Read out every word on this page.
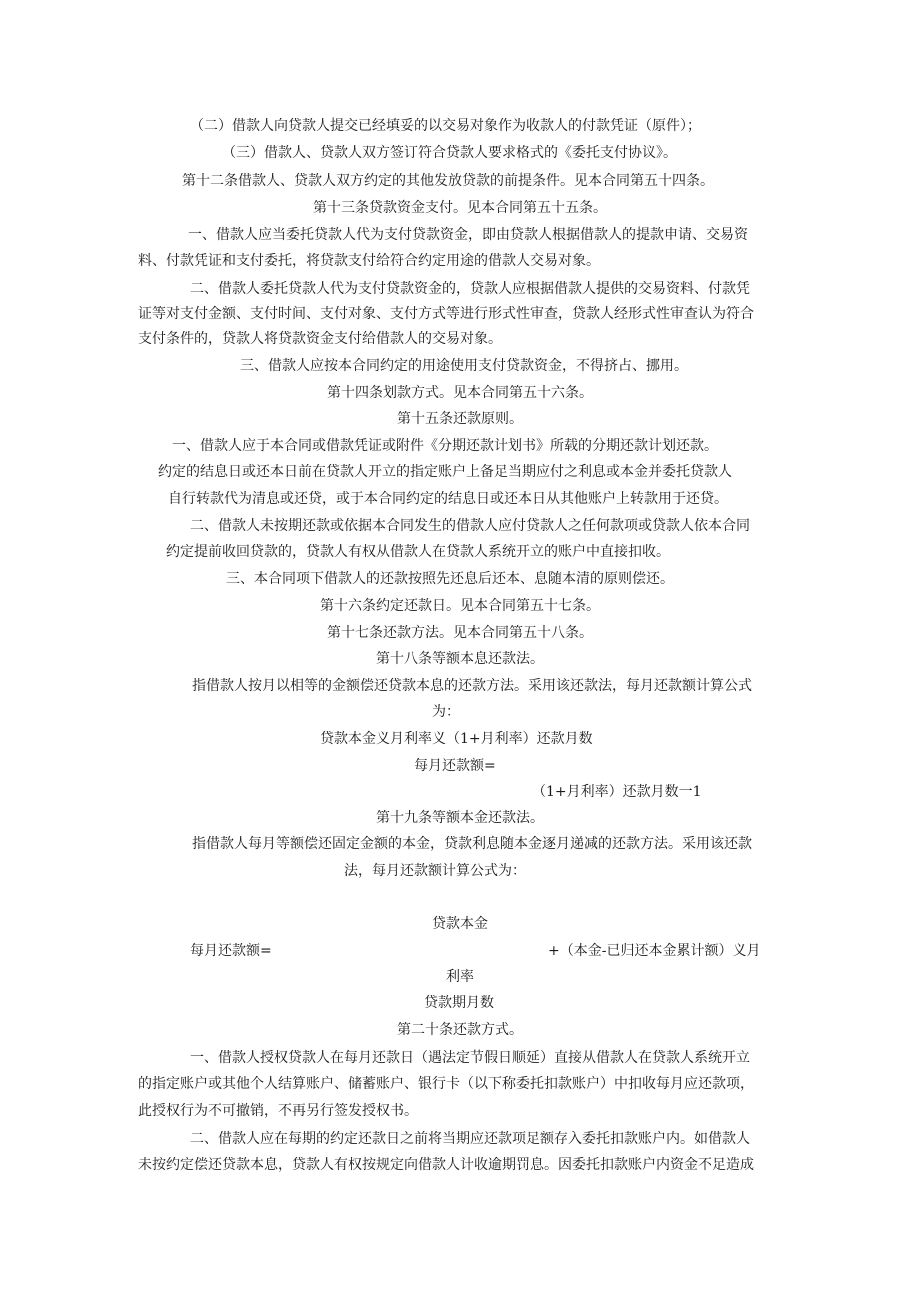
（二）借款人向贷款人提交已经填妥的以交易对象作为收款人的付款凭证（原件）；
（三）借款人、贷款人双方签订符合贷款人要求格式的《委托支付协议》。
第十二条借款人、贷款人双方约定的其他发放贷款的前提条件。见本合同第五十四条。
第十三条贷款资金支付。见本合同第五十五条。
一、借款人应当委托贷款人代为支付贷款资金，即由贷款人根据借款人的提款申请、交易资
料、付款凭证和支付委托，将贷款支付给符合约定用途的借款人交易对象。
二、借款人委托贷款人代为支付贷款资金的，贷款人应根据借款人提供的交易资料、付款凭
证等对支付金额、支付时间、支付对象、支付方式等进行形式性审查，贷款人经形式性审查认为符合
支付条件的，贷款人将贷款资金支付给借款人的交易对象。
三、借款人应按本合同约定的用途使用支付贷款资金，不得挤占、挪用。
第十四条划款方式。见本合同第五十六条。
第十五条还款原则。
一、借款人应于本合同或借款凭证或附件《分期还款计划书》所载的分期还款计划还款。
约定的结息日或还本日前在贷款人开立的指定账户上备足当期应付之利息或本金并委托贷款人
自行转款代为清息或还贷，或于本合同约定的结息日或还本日从其他账户上转款用于还贷。
二、借款人未按期还款或依据本合同发生的借款人应付贷款人之任何款项或贷款人依本合同
约定提前收回贷款的，贷款人有权从借款人在贷款人系统开立的账户中直接扣收。
三、本合同项下借款人的还款按照先还息后还本、息随本清的原则偿还。
第十六条约定还款日。见本合同第五十七条。
第十七条还款方法。见本合同第五十八条。
第十八条等额本息还款法。
指借款人按月以相等的金额偿还贷款本息的还款方法。采用该还款法，每月还款额计算公式
为：
贷款本金义月利率义（1+月利率）还款月数
每月还款额=
（1+月利率）还款月数一1
第十九条等额本金还款法。
指借款人每月等额偿还固定金额的本金，贷款利息随本金逐月递减的还款方法。采用该还款
法，每月还款额计算公式为：
贷款本金
每月还款额=	+（本金-已归还本金累计额）义月
利率
贷款期月数
第二十条还款方式。
一、借款人授权贷款人在每月还款日（遇法定节假日顺延）直接从借款人在贷款人系统开立
的指定账户或其他个人结算账户、储蓄账户、银行卡（以下称委托扣款账户）中扣收每月应还款项，
此授权行为不可撤销，不再另行签发授权书。
二、借款人应在每期的约定还款日之前将当期应还款项足额存入委托扣款账户内。如借款人
未按约定偿还贷款本息，贷款人有权按规定向借款人计收逾期罚息。因委托扣款账户内资金不足造成
